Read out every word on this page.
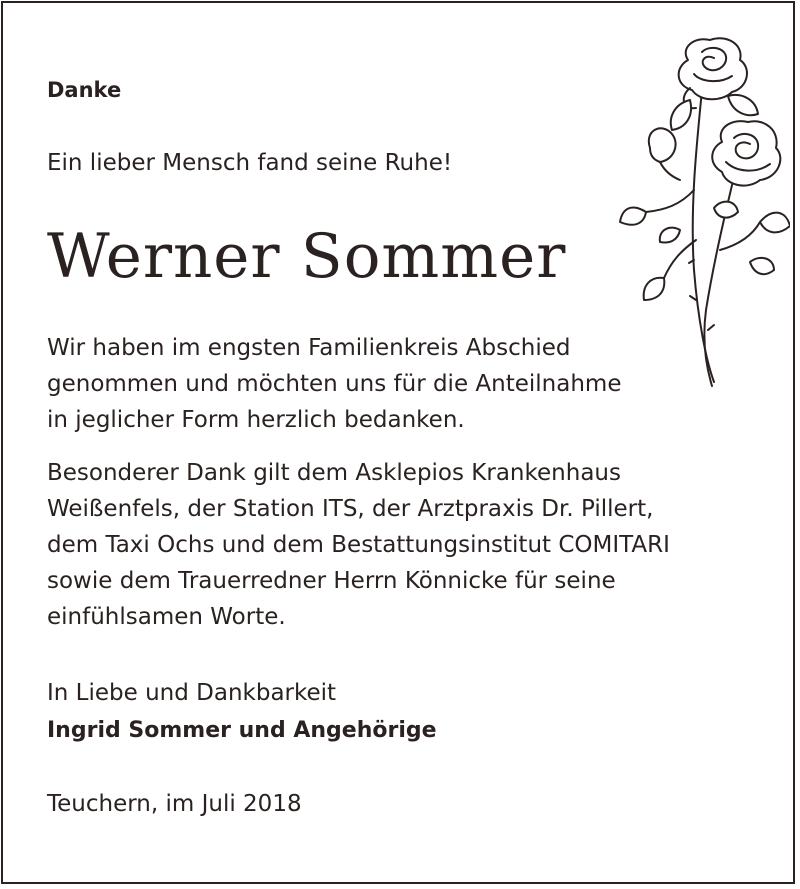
Danke
Ein lieber Mensch fand seine Ruhe!
Werner Sommer
Wir haben im engsten Familienkreis Abschied
genommen und möchten uns für die Anteilnahme
in jeglicher Form herzlich bedanken.
Besonderer Dank gilt dem Asklepios Krankenhaus
Weißenfels, der Station ITS, der Arztpraxis Dr. Pillert,
dem Taxi Ochs und dem Bestattungsinstitut COMITARI
sowie dem Trauerredner Herrn Könnicke für seine
einfühlsamen Worte.
In Liebe und Dankbarkeit
Ingrid Sommer und Angehörige
Teuchern, im Juli 2018
